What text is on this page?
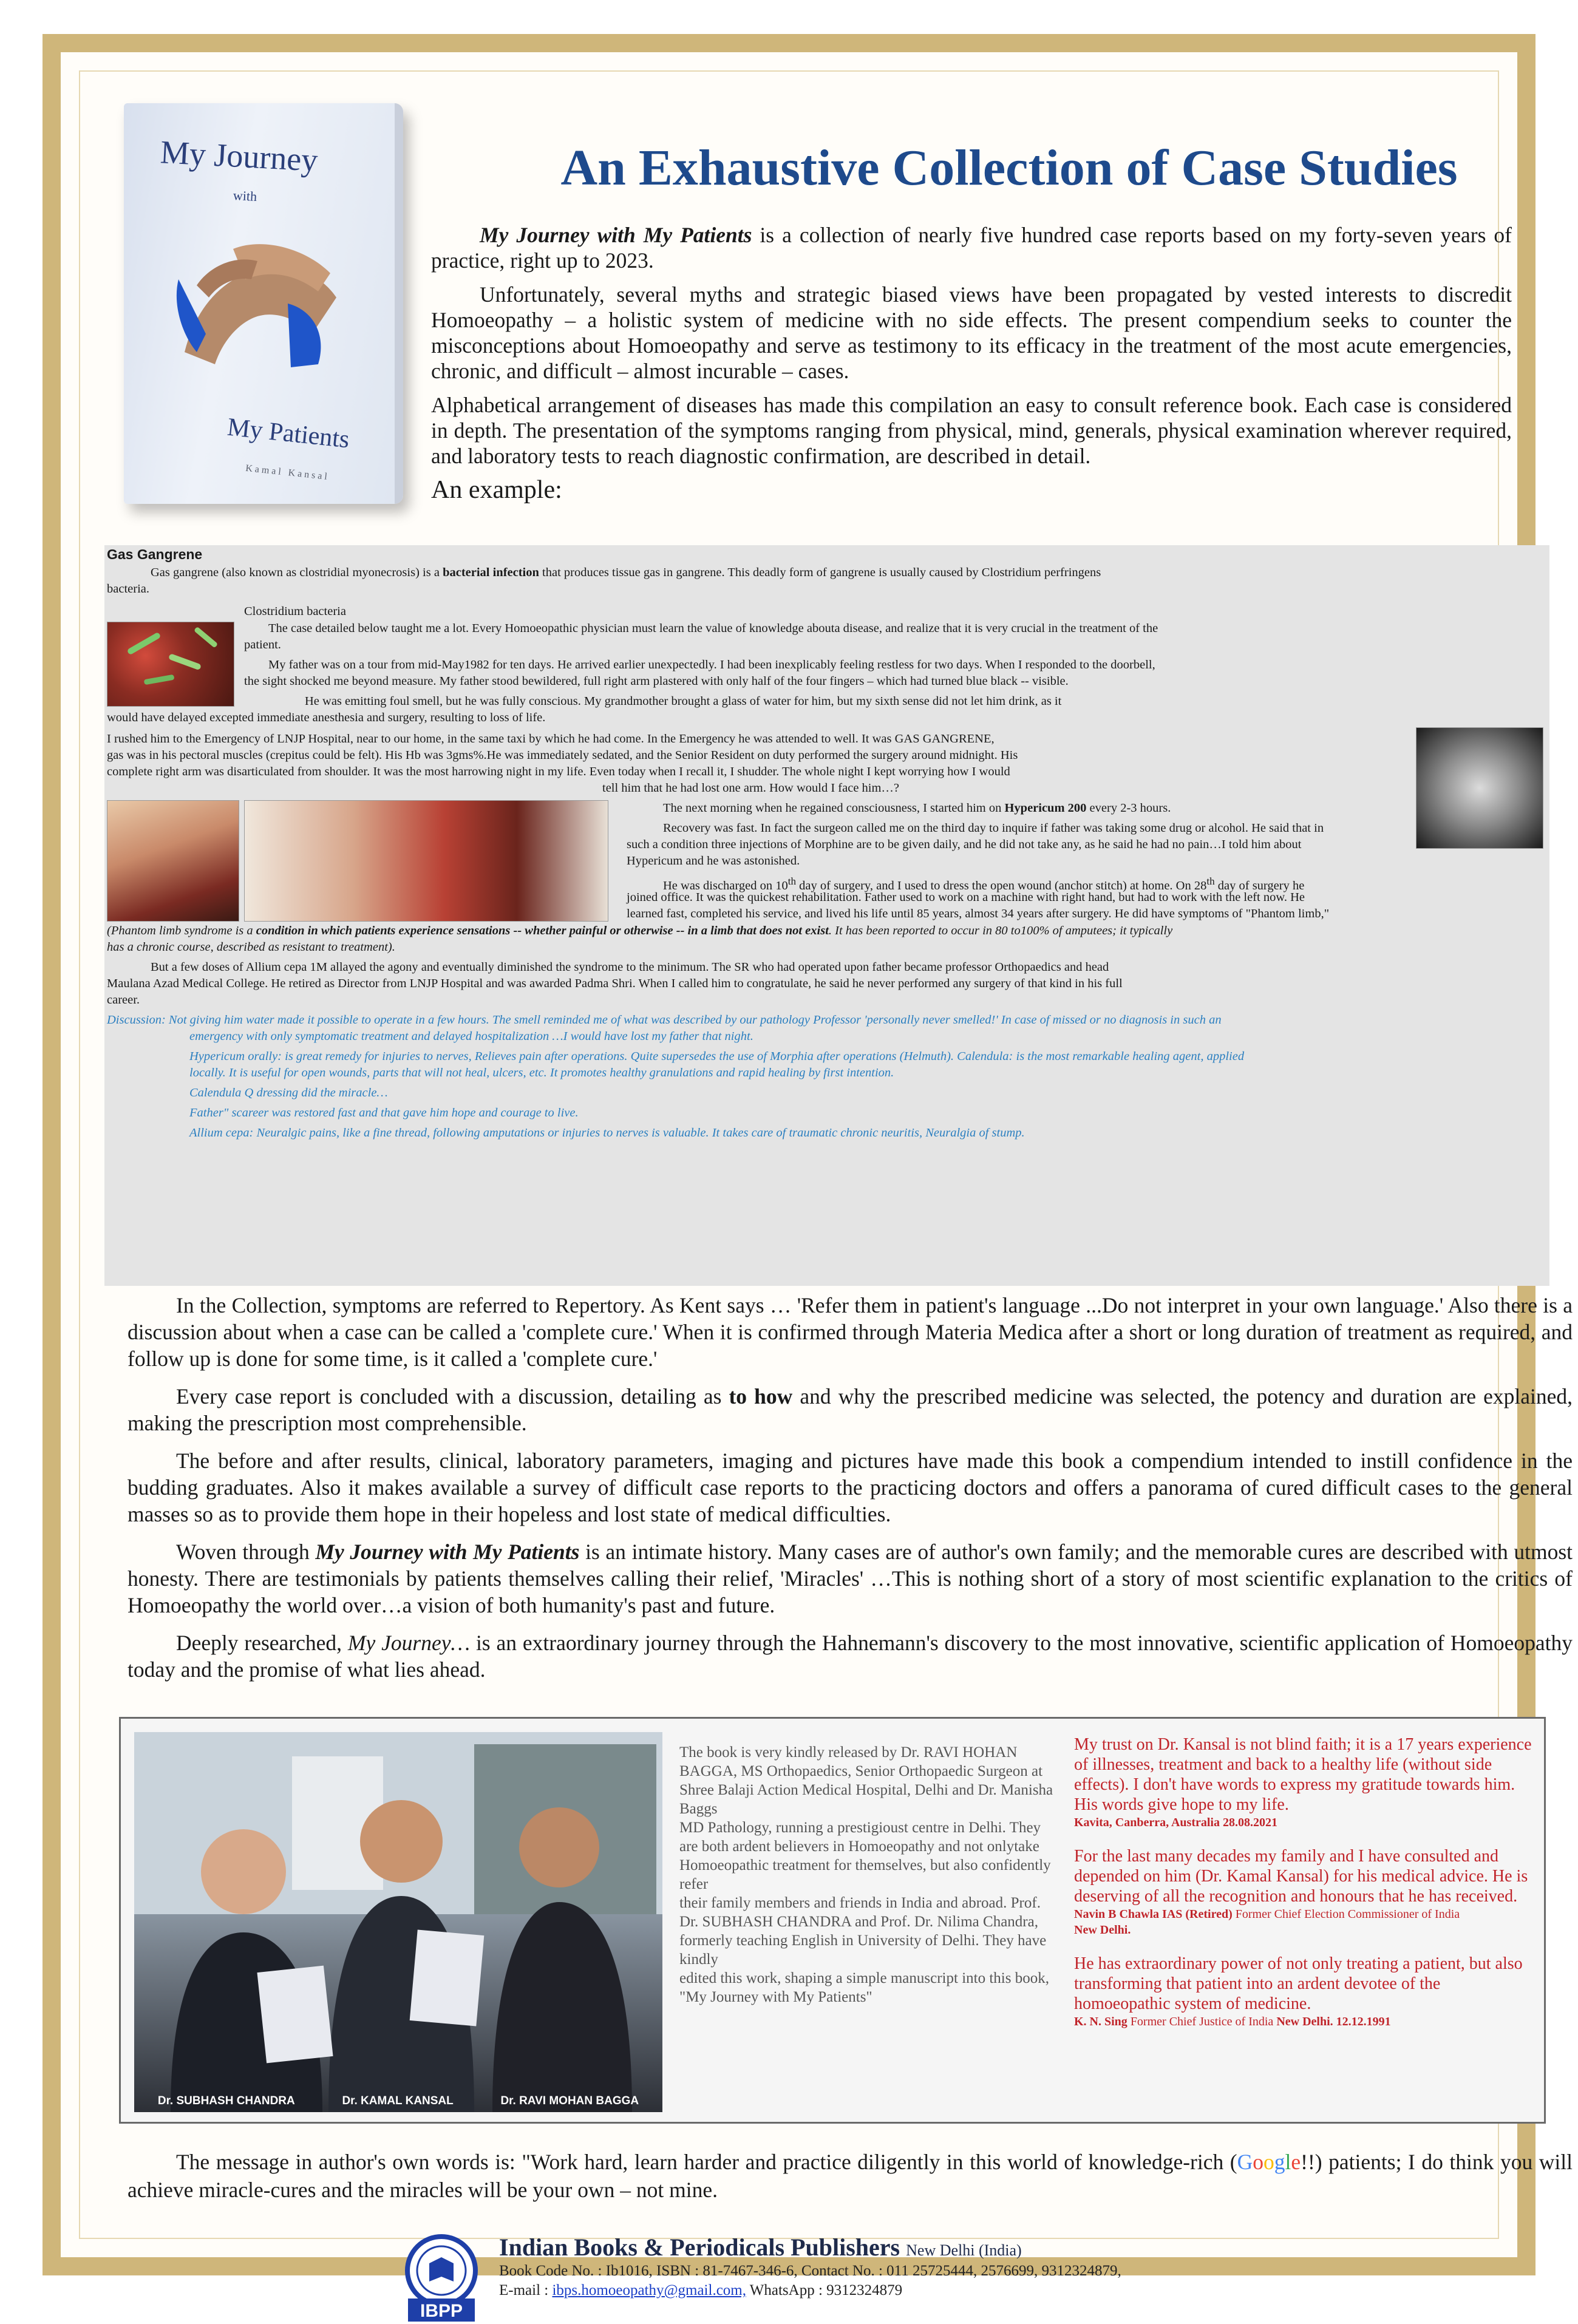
My Journey
with
My Patients
Kamal Kansal
An Exhaustive Collection of Case Studies

My Journey with My Patients is a collection of nearly five hundred case reports based on my forty-seven years of practice, right up to 2023.

Unfortunately, several myths and strategic biased views have been propagated by vested interests to discredit Homoeopathy – a holistic system of medicine with no side effects. The present compendium seeks to counter the misconceptions about Homoeopathy and serve as testimony to its efficacy in the treatment of the most acute emergencies, chronic, and difficult – almost incurable – cases.

Alphabetical arrangement of diseases has made this compilation an easy to consult reference book. Each case is considered in depth. The presentation of the symptoms ranging from physical, mind, generals, physical examination wherever required, and laboratory tests to reach diagnostic confirmation, are described in detail.

An example:

Gas Gangrene
Gas gangrene (also known as clostridial myonecrosis) is a bacterial infection that produces tissue gas in gangrene. This deadly form of gangrene is usually caused by Clostridium perfringens
bacteria.
Clostridium bacteria
The case detailed below taught me a lot. Every Homoeopathic physician must learn the value of knowledge abouta disease, and realize that it is very crucial in the treatment of the
patient.
My father was on a tour from mid-May1982 for ten days. He arrived earlier unexpectedly. I had been inexplicably feeling restless for two days. When I responded to the doorbell,
the sight shocked me beyond measure. My father stood bewildered, full right arm plastered with only half of the four fingers – which had turned blue black -- visible.
He was emitting foul smell, but he was fully conscious. My grandmother brought a glass of water for him, but my sixth sense did not let him drink, as it
would have delayed excepted immediate anesthesia and surgery, resulting to loss of life.
I rushed him to the Emergency of LNJP Hospital, near to our home, in the same taxi by which he had come. In the Emergency he was attended to well. It was GAS GANGRENE,
gas was in his pectoral muscles (crepitus could be felt). His Hb was 3gms%.He was immediately sedated, and the Senior Resident on duty performed the surgery around midnight. His
complete right arm was disarticulated from shoulder. It was the most harrowing night in my life. Even today when I recall it, I shudder. The whole night I kept worrying how I would
tell him that he had lost one arm. How would I face him…?
The next morning when he regained consciousness, I started him on Hypericum 200 every 2-3 hours.
Recovery was fast. In fact the surgeon called me on the third day to inquire if father was taking some drug or alcohol. He said that in
such a condition three injections of Morphine are to be given daily, and he did not take any, as he said he had no pain…I told him about
Hypericum and he was astonished.
He was discharged on 10th day of surgery, and I used to dress the open wound (anchor stitch) at home. On 28th day of surgery he
joined office. It was the quickest rehabilitation. Father used to work on a machine with right hand, but had to work with the left now. He
learned fast, completed his service, and lived his life until 85 years, almost 34 years after surgery. He did have symptoms of "Phantom limb,"
(Phantom limb syndrome is a condition in which patients experience sensations -- whether painful or otherwise -- in a limb that does not exist. It has been reported to occur in 80 to100% of amputees; it typically
has a chronic course, described as resistant to treatment).
But a few doses of Allium cepa 1M allayed the agony and eventually diminished the syndrome to the minimum. The SR who had operated upon father became professor Orthopaedics and head
Maulana Azad Medical College. He retired as Director from LNJP Hospital and was awarded Padma Shri. When I called him to congratulate, he said he never performed any surgery of that kind in his full
career.
Discussion: Not giving him water made it possible to operate in a few hours. The smell reminded me of what was described by our pathology Professor 'personally never smelled!' In case of missed or no diagnosis in such an
emergency with only symptomatic treatment and delayed hospitalization …I would have lost my father that night.
Hypericum orally: is great remedy for injuries to nerves, Relieves pain after operations. Quite supersedes the use of Morphia after operations (Helmuth). Calendula: is the most remarkable healing agent, applied
locally. It is useful for open wounds, parts that will not heal, ulcers, etc. It promotes healthy granulations and rapid healing by first intention.
Calendula Q dressing did the miracle…
Father" scareer was restored fast and that gave him hope and courage to live.
Allium cepa: Neuralgic pains, like a fine thread, following amputations or injuries to nerves is valuable. It takes care of traumatic chronic neuritis, Neuralgia of stump.

In the Collection, symptoms are referred to Repertory. As Kent says … 'Refer them in patient's language ...Do not interpret in your own language.' Also there is a discussion about when a case can be called a 'complete cure.' When it is confirmed through Materia Medica after a short or long duration of treatment as required, and follow up is done for some time, is it called a 'complete cure.'

Every case report is concluded with a discussion, detailing as to how and why the prescribed medicine was selected, the potency and duration are explained, making the prescription most comprehensible.

The before and after results, clinical, laboratory parameters, imaging and pictures have made this book a compendium intended to instill confidence in the budding graduates. Also it makes available a survey of difficult case reports to the practicing doctors and offers a panorama of cured difficult cases to the general masses so as to provide them hope in their hopeless and lost state of medical difficulties.

Woven through My Journey with My Patients is an intimate history. Many cases are of author's own family; and the memorable cures are described with utmost honesty. There are testimonials by patients themselves calling their relief, 'Miracles' …This is nothing short of a story of most scientific explanation to the critics of Homoeopathy the world over…a vision of both humanity's past and future.

Deeply researched, My Journey… is an extraordinary journey through the Hahnemann's discovery to the most innovative, scientific application of Homoeopathy today and the promise of what lies ahead.

Dr. SUBHASH CHANDRA	Dr. KAMAL KANSAL	Dr. RAVI MOHAN BAGGA
The book is very kindly released by Dr. RAVI HOHAN BAGGA, MS Orthopaedics, Senior Orthopaedic Surgeon at Shree Balaji Action Medical Hospital, Delhi and Dr. Manisha Baggs
MD Pathology, running a prestigioust centre in Delhi. They are both ardent believers in Homoeopathy and not onlytake Homoeopathic treatment for themselves, but also confidently refer
their family members and friends in India and abroad. Prof. Dr. SUBHASH CHANDRA and Prof. Dr. Nilima Chandra, formerly teaching English in University of Delhi. They have kindly
edited this work, shaping a simple manuscript into this book, "My Journey with My Patients"
My trust on Dr. Kansal is not blind faith; it is a 17 years experience of illnesses, treatment and back to a healthy life (without side effects). I don't have words to express my gratitude towards him. His words give hope to my life.
Kavita, Canberra, Australia 28.08.2021
For the last many decades my family and I have consulted and depended on him (Dr. Kamal Kansal) for his medical advice. He is deserving of all the recognition and honours that he has received.
Navin B Chawla IAS (Retired) Former Chief Election Commissioner of India
New Delhi.
He has extraordinary power of not only treating a patient, but also transforming that patient into an ardent devotee of the homoeopathic system of medicine.
K. N. Sing Former Chief Justice of India New Delhi. 12.12.1991
The message in author's own words is: "Work hard, learn harder and practice diligently in this world of knowledge-rich (Google!!) patients; I do think you will achieve miracle-cures and the miracles will be your own – not mine.
IBPP
Indian Books & Periodicals Publishers New Delhi (India)
Book Code No. : Ib1016, ISBN : 81-7467-346-6, Contact No. : 011 25725444, 2576699, 9312324879,
E-mail : ibps.homoeopathy@gmail.com, WhatsApp : 9312324879
